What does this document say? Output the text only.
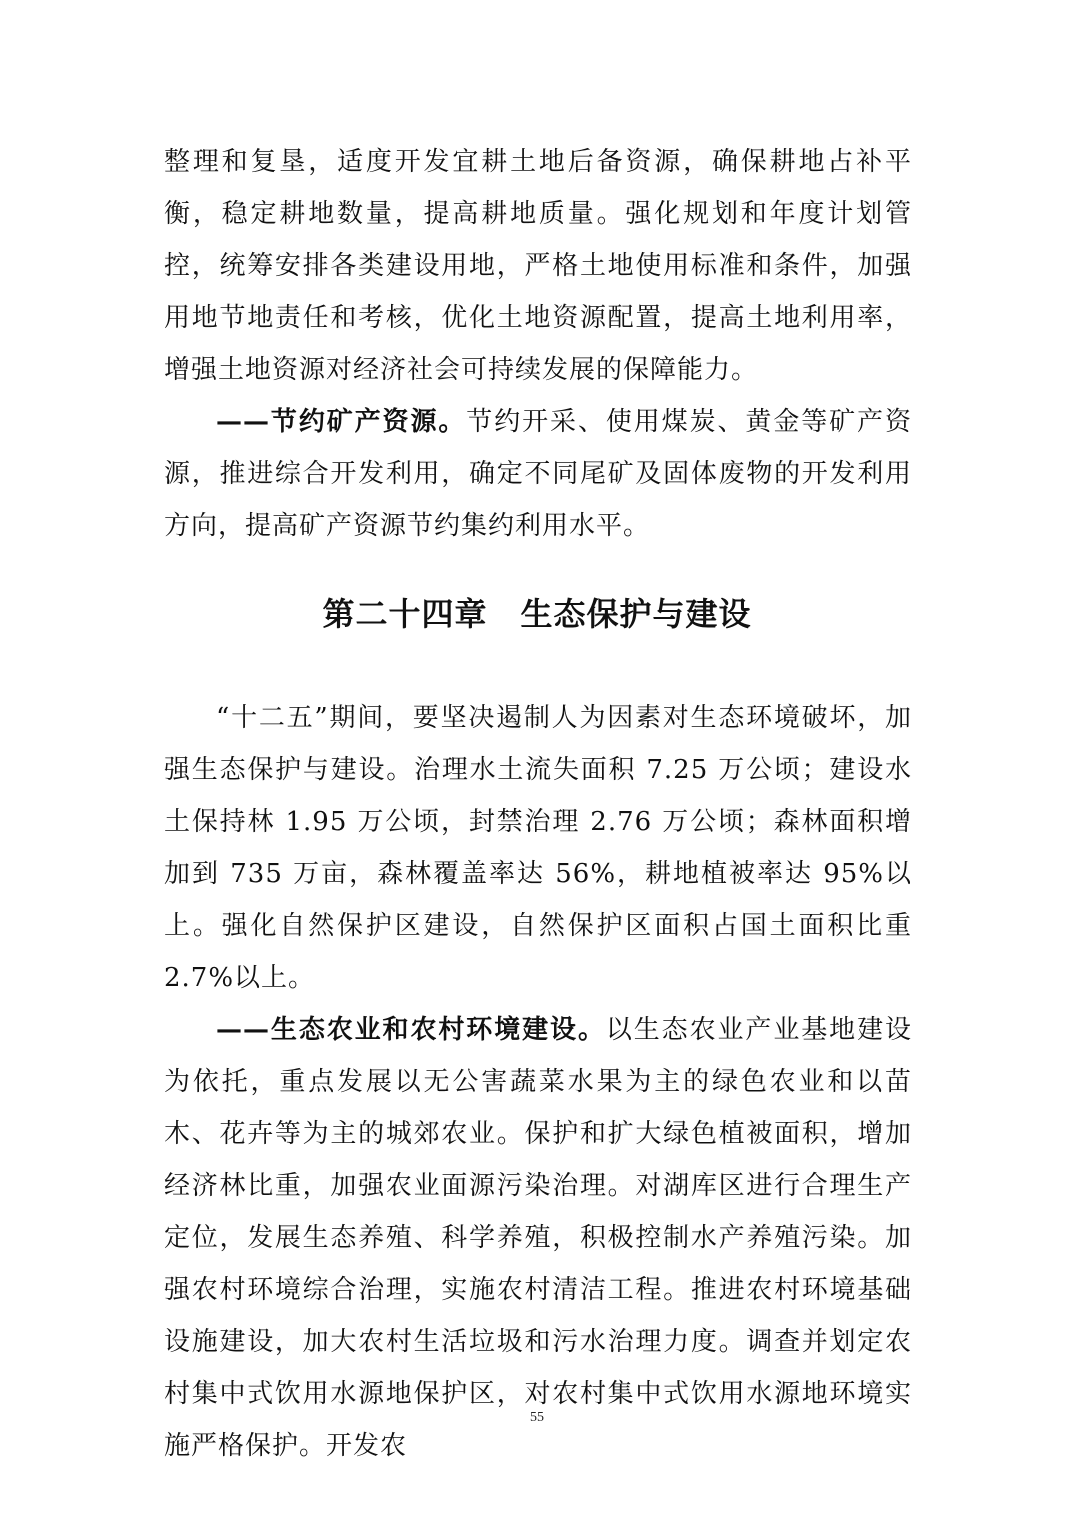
整理和复垦，适度开发宜耕土地后备资源，确保耕地占补平衡，稳定耕地数量，提高耕地质量。强化规划和年度计划管控，统筹安排各类建设用地，严格土地使用标准和条件，加强用地节地责任和考核，优化土地资源配置，提高土地利用率，增强土地资源对经济社会可持续发展的保障能力。

——节约矿产资源。节约开采、使用煤炭、黄金等矿产资源，推进综合开发利用，确定不同尾矿及固体废物的开发利用方向，提高矿产资源节约集约利用水平。

第二十四章　生态保护与建设

“十二五”期间，要坚决遏制人为因素对生态环境破坏，加强生态保护与建设。治理水土流失面积 7.25 万公顷；建设水土保持林 1.95 万公顷，封禁治理 2.76 万公顷；森林面积增加到 735 万亩，森林覆盖率达 56%，耕地植被率达 95%以上。强化自然保护区建设，自然保护区面积占国土面积比重 2.7%以上。

——生态农业和农村环境建设。以生态农业产业基地建设为依托，重点发展以无公害蔬菜水果为主的绿色农业和以苗木、花卉等为主的城郊农业。保护和扩大绿色植被面积，增加经济林比重，加强农业面源污染治理。对湖库区进行合理生产定位，发展生态养殖、科学养殖，积极控制水产养殖污染。加强农村环境综合治理，实施农村清洁工程。推进农村环境基础设施建设，加大农村生活垃圾和污水治理力度。调查并划定农村集中式饮用水源地保护区，对农村集中式饮用水源地环境实施严格保护。开发农

55
